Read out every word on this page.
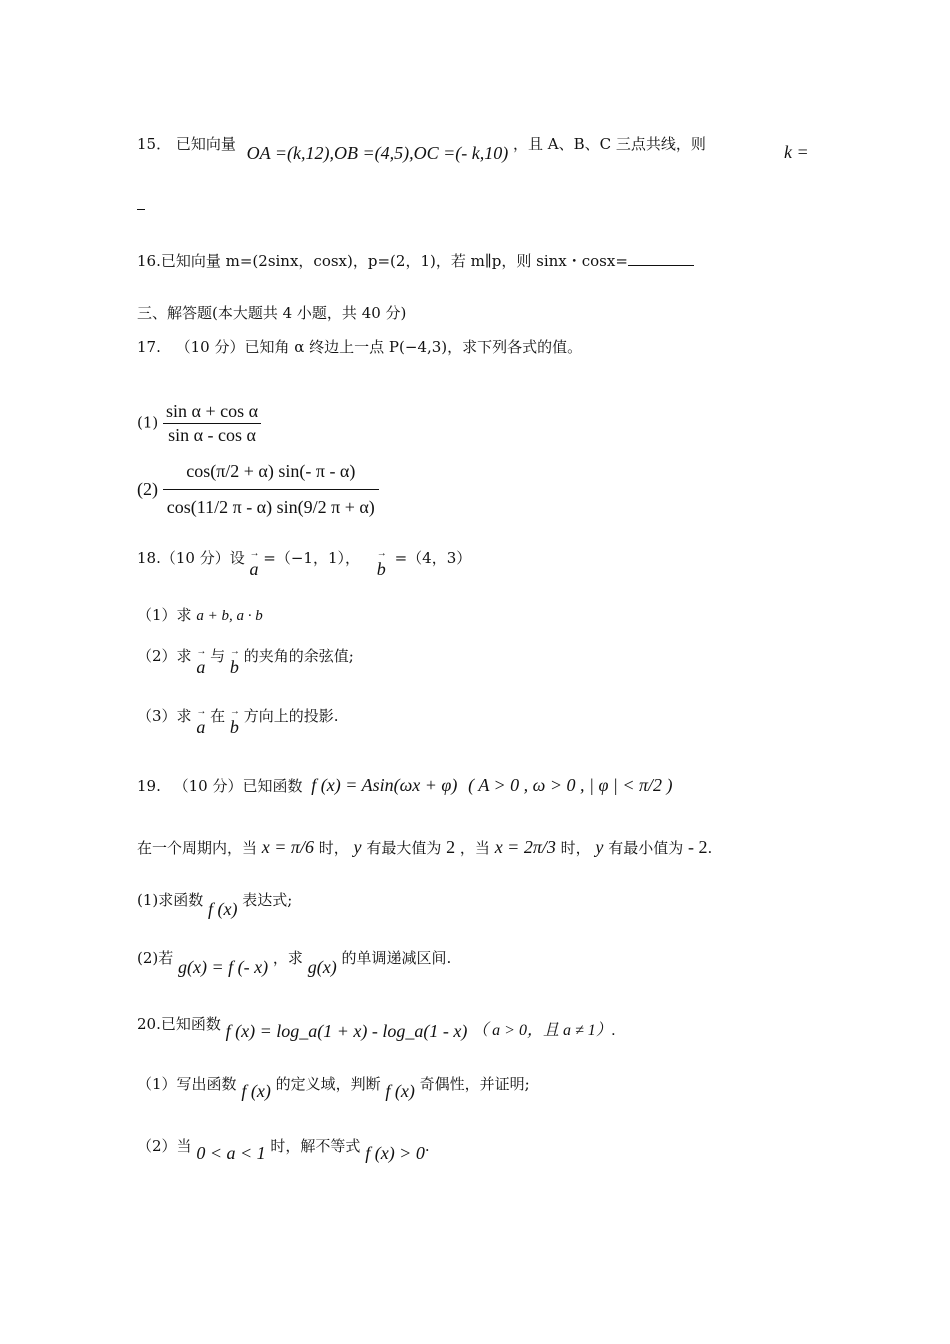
15． 已知向量 OA =(k,12),OB =(4,5),OC =(- k,10) ，且 A、B、C 三点共线，则	k =
16.已知向量 m=(2sinx，cosx)，p=(2，1)，若 m∥p，则 sinx・cosx=
三、解答题(本大题共 4 小题，共 40 分)
17. （10 分）已知角 α 终边上一点 P(−4,3)，求下列各式的值。
$(1) \frac{\text{sin α + cos α}}{\text{sin α - cos α}}$
$(2) \frac{\cos(\pi/2 + \alpha) \sin(- \pi - \alpha)}{\cos(11/2 \pi - \alpha) \sin(9/2 \pi + \alpha)}$
18.（10 分）设 → a =（−1，1）， → b =（4，3）
（1）求 a + b, a · b
（2）求 → a 与 → b 的夹角的余弦值;
（3）求 → a 在 → b 方向上的投影.
19. （10 分）已知函数 f (x) = Asin(ωx + φ) ( A > 0 , ω > 0 , | φ | < π/2 )
在一个周期内，当 x = π/6 时， y 有最大值为 2 ，当 x = 2π/3 时， y 有最小值为 - 2.
(1)求函数 f (x) 表达式;
(2)若 g(x) = f (- x) ，求 g(x) 的单调递减区间.
20.已知函数 f (x) = log_a(1 + x) - log_a(1 - x) （ a > 0，且 a ≠ 1）.
（1）写出函数 f (x) 的定义域，判断 f (x) 奇偶性，并证明;
（2）当 0 < a < 1 时，解不等式 f (x) > 0.
